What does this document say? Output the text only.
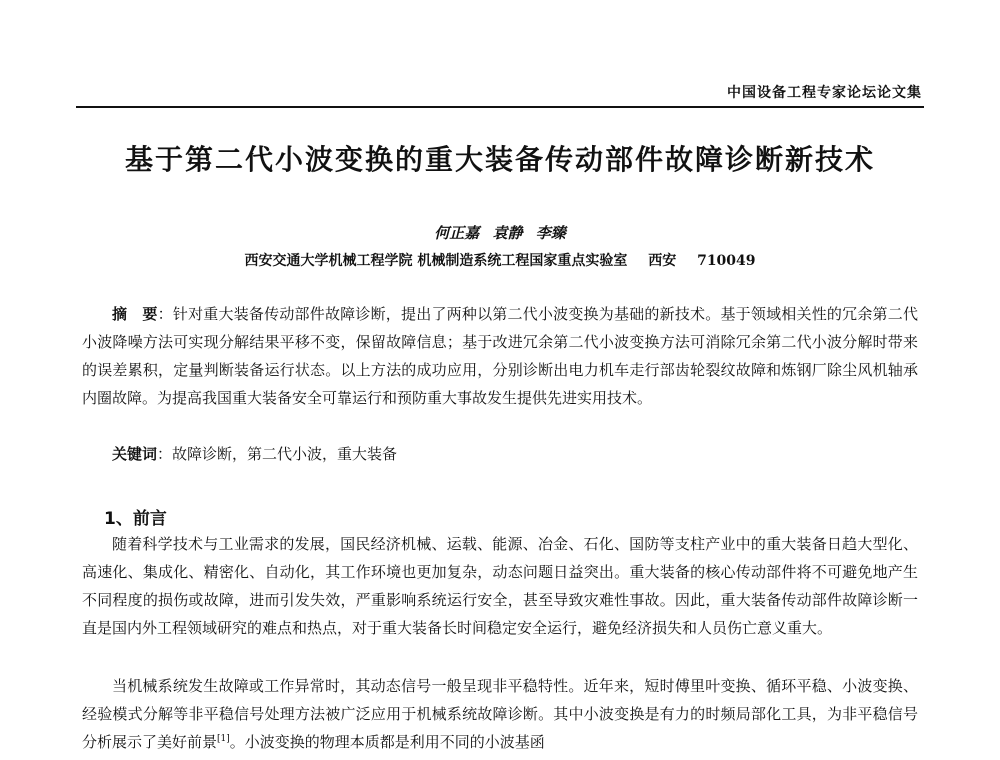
中国设备工程专家论坛论文集
基于第二代小波变换的重大装备传动部件故障诊断新技术
何正嘉 袁静 李臻
西安交通大学机械工程学院 机械制造系统工程国家重点实验室 西安 710049
摘　要：针对重大装备传动部件故障诊断，提出了两种以第二代小波变换为基础的新技术。基于领域相关性的冗余第二代小波降噪方法可实现分解结果平移不变，保留故障信息；基于改进冗余第二代小波变换方法可消除冗余第二代小波分解时带来的误差累积，定量判断装备运行状态。以上方法的成功应用，分别诊断出电力机车走行部齿轮裂纹故障和炼钢厂除尘风机轴承内圈故障。为提高我国重大装备安全可靠运行和预防重大事故发生提供先进实用技术。
关键词：故障诊断，第二代小波，重大装备
1、前言
随着科学技术与工业需求的发展，国民经济机械、运载、能源、冶金、石化、国防等支柱产业中的重大装备日趋大型化、高速化、集成化、精密化、自动化，其工作环境也更加复杂，动态问题日益突出。重大装备的核心传动部件将不可避免地产生不同程度的损伤或故障，进而引发失效，严重影响系统运行安全，甚至导致灾难性事故。因此，重大装备传动部件故障诊断一直是国内外工程领域研究的难点和热点，对于重大装备长时间稳定安全运行，避免经济损失和人员伤亡意义重大。
当机械系统发生故障或工作异常时，其动态信号一般呈现非平稳特性。近年来，短时傅里叶变换、循环平稳、小波变换、经验模式分解等非平稳信号处理方法被广泛应用于机械系统故障诊断。其中小波变换是有力的时频局部化工具，为非平稳信号分析展示了美好前景[1]。小波变换的物理本质都是利用不同的小波基函
